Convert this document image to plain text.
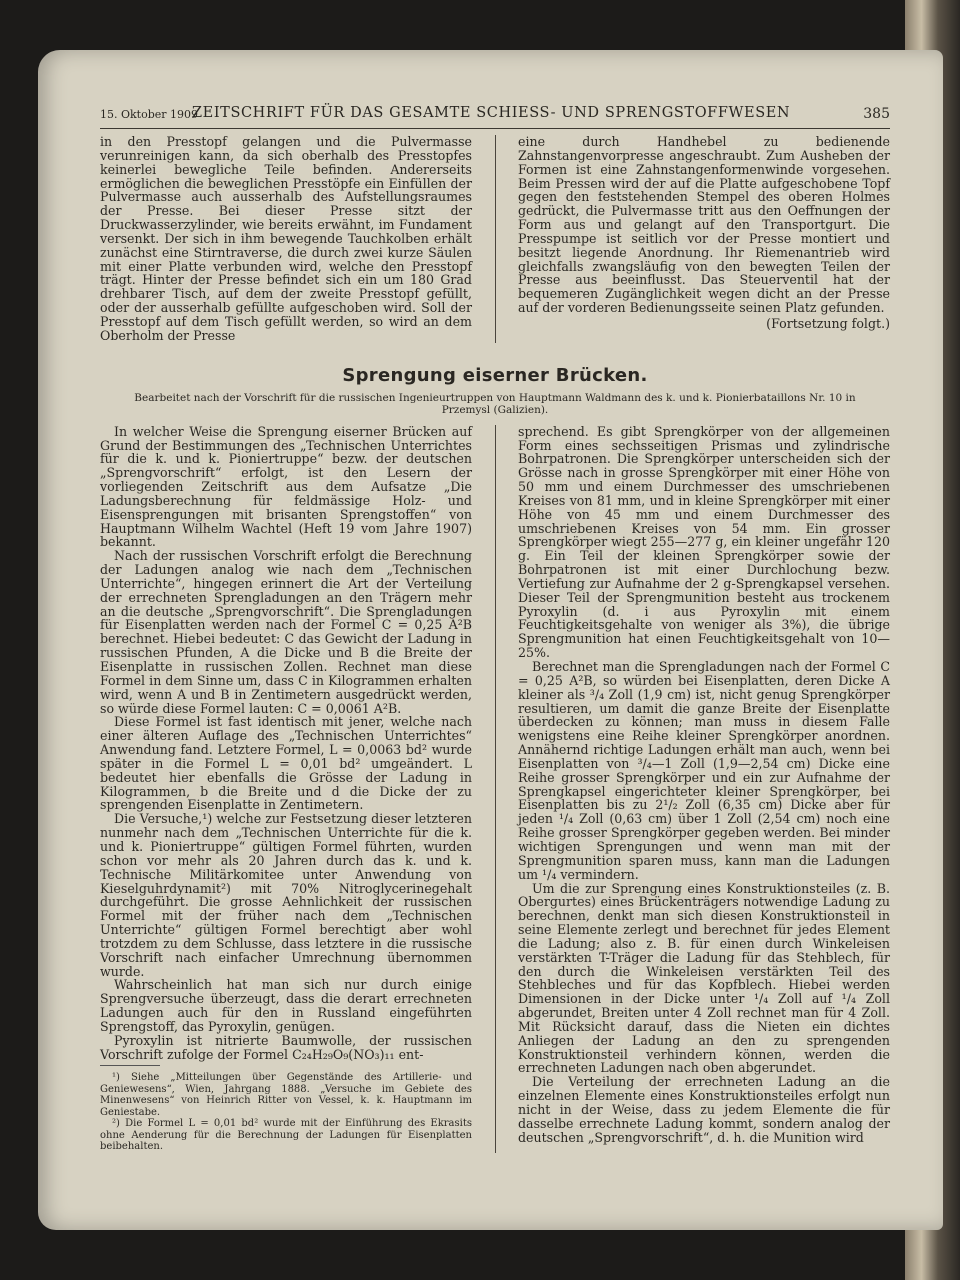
15. Oktober 1909
ZEITSCHRIFT FÜR DAS GESAMTE SCHIESS- UND SPRENGSTOFFWESEN	385

in den Presstopf gelangen und die Pulvermasse verunreinigen kann, da sich oberhalb des Presstopfes keinerlei bewegliche Teile befinden. Andererseits ermöglichen die beweglichen Presstöpfe ein Einfüllen der Pulvermasse auch ausserhalb des Aufstellungsraumes der Presse. Bei dieser Presse sitzt der Druckwasserzylinder, wie bereits erwähnt, im Fundament versenkt. Der sich in ihm bewegende Tauchkolben erhält zunächst eine Stirntraverse, die durch zwei kurze Säulen mit einer Platte verbunden wird, welche den Presstopf trägt. Hinter der Presse befindet sich ein um 180 Grad drehbarer Tisch, auf dem der zweite Presstopf gefüllt, oder der ausserhalb gefüllte aufgeschoben wird. Soll der Presstopf auf dem Tisch gefüllt werden, so wird an dem Oberholm der Presse

eine durch Handhebel zu bedienende Zahnstangenvorpresse angeschraubt. Zum Ausheben der Formen ist eine Zahnstangenformenwinde vorgesehen. Beim Pressen wird der auf die Platte aufgeschobene Topf gegen den feststehenden Stempel des oberen Holmes gedrückt, die Pulvermasse tritt aus den Oeffnungen der Form aus und gelangt auf den Transportgurt. Die Presspumpe ist seitlich vor der Presse montiert und besitzt liegende Anordnung. Ihr Riemenantrieb wird gleichfalls zwangsläufig von den bewegten Teilen der Presse aus beeinflusst. Das Steuerventil hat der bequemeren Zugänglichkeit wegen dicht an der Presse auf der vorderen Bedienungsseite seinen Platz gefunden.

(Fortsetzung folgt.)
Sprengung eiserner Brücken.
Bearbeitet nach der Vorschrift für die russischen Ingenieurtruppen von Hauptmann Waldmann des k. und k. Pionierbataillons Nr. 10 in Przemysl (Galizien).

In welcher Weise die Sprengung eiserner Brücken auf Grund der Bestimmungen des „Technischen Unterrichtes für die k. und k. Pioniertruppe“ bezw. der deutschen „Sprengvorschrift“ erfolgt, ist den Lesern der vorliegenden Zeitschrift aus dem Aufsatze „Die Ladungsberechnung für feldmässige Holz- und Eisensprengungen mit brisanten Sprengstoffen“ von Hauptmann Wilhelm Wachtel (Heft 19 vom Jahre 1907) bekannt.

Nach der russischen Vorschrift erfolgt die Berechnung der Ladungen analog wie nach dem „Technischen Unterrichte“, hingegen erinnert die Art der Verteilung der errechneten Sprengladungen an den Trägern mehr an die deutsche „Sprengvorschrift“. Die Sprengladungen für Eisenplatten werden nach der Formel C = 0,25 A²B berechnet. Hiebei bedeutet: C das Gewicht der Ladung in russischen Pfunden, A die Dicke und B die Breite der Eisenplatte in russischen Zollen. Rechnet man diese Formel in dem Sinne um, dass C in Kilogrammen erhalten wird, wenn A und B in Zentimetern ausgedrückt werden, so würde diese Formel lauten: C = 0,0061 A²B.

Diese Formel ist fast identisch mit jener, welche nach einer älteren Auflage des „Technischen Unterrichtes“ Anwendung fand. Letztere Formel, L = 0,0063 bd² wurde später in die Formel L = 0,01 bd² umgeändert. L bedeutet hier ebenfalls die Grösse der Ladung in Kilogrammen, b die Breite und d die Dicke der zu sprengenden Eisenplatte in Zentimetern.

Die Versuche,¹) welche zur Festsetzung dieser letzteren nunmehr nach dem „Technischen Unterrichte für die k. und k. Pioniertruppe“ gültigen Formel führten, wurden schon vor mehr als 20 Jahren durch das k. und k. Technische Militärkomitee unter Anwendung von Kieselguhrdynamit²) mit 70% Nitroglycerinegehalt durchgeführt. Die grosse Aehnlichkeit der russischen Formel mit der früher nach dem „Technischen Unterrichte“ gültigen Formel berechtigt aber wohl trotzdem zu dem Schlusse, dass letztere in die russische Vorschrift nach einfacher Umrechnung übernommen wurde.

Wahrscheinlich hat man sich nur durch einige Sprengversuche überzeugt, dass die derart errechneten Ladungen auch für den in Russland eingeführten Sprengstoff, das Pyroxylin, genügen.

Pyroxylin ist nitrierte Baumwolle, der russischen Vorschrift zufolge der Formel C₂₄H₂₉O₉(NO₃)₁₁ ent-

¹) Siehe „Mitteilungen über Gegenstände des Artillerie- und Geniewesens“, Wien, Jahrgang 1888. „Versuche im Gebiete des Minenwesens“ von Heinrich Ritter von Vessel, k. k. Hauptmann im Geniestabe.

²) Die Formel L = 0,01 bd² wurde mit der Einführung des Ekrasits ohne Aenderung für die Berechnung der Ladungen für Eisenplatten beibehalten.

sprechend. Es gibt Sprengkörper von der allgemeinen Form eines sechsseitigen Prismas und zylindrische Bohrpatronen. Die Sprengkörper unterscheiden sich der Grösse nach in grosse Sprengkörper mit einer Höhe von 50 mm und einem Durchmesser des umschriebenen Kreises von 81 mm, und in kleine Sprengkörper mit einer Höhe von 45 mm und einem Durchmesser des umschriebenen Kreises von 54 mm. Ein grosser Sprengkörper wiegt 255—277 g, ein kleiner ungefähr 120 g. Ein Teil der kleinen Sprengkörper sowie der Bohrpatronen ist mit einer Durchlochung bezw. Vertiefung zur Aufnahme der 2 g-Sprengkapsel versehen. Dieser Teil der Sprengmunition besteht aus trockenem Pyroxylin (d. i aus Pyroxylin mit einem Feuchtigkeitsgehalte von weniger als 3%), die übrige Sprengmunition hat einen Feuchtigkeitsgehalt von 10—25%.

Berechnet man die Sprengladungen nach der Formel C = 0,25 A²B, so würden bei Eisenplatten, deren Dicke A kleiner als ³/₄ Zoll (1,9 cm) ist, nicht genug Sprengkörper resultieren, um damit die ganze Breite der Eisenplatte überdecken zu können; man muss in diesem Falle wenigstens eine Reihe kleiner Sprengkörper anordnen. Annähernd richtige Ladungen erhält man auch, wenn bei Eisenplatten von ³/₄—1 Zoll (1,9—2,54 cm) Dicke eine Reihe grosser Sprengkörper und ein zur Aufnahme der Sprengkapsel eingerichteter kleiner Sprengkörper, bei Eisenplatten bis zu 2¹/₂ Zoll (6,35 cm) Dicke aber für jeden ¹/₄ Zoll (0,63 cm) über 1 Zoll (2,54 cm) noch eine Reihe grosser Sprengkörper gegeben werden. Bei minder wichtigen Sprengungen und wenn man mit der Sprengmunition sparen muss, kann man die Ladungen um ¹/₄ vermindern.

Um die zur Sprengung eines Konstruktionsteiles (z. B. Obergurtes) eines Brückenträgers notwendige Ladung zu berechnen, denkt man sich diesen Konstruktionsteil in seine Elemente zerlegt und berechnet für jedes Element die Ladung; also z. B. für einen durch Winkeleisen verstärkten T-Träger die Ladung für das Stehblech, für den durch die Winkeleisen verstärkten Teil des Stehbleches und für das Kopfblech. Hiebei werden Dimensionen in der Dicke unter ¹/₄ Zoll auf ¹/₄ Zoll abgerundet, Breiten unter 4 Zoll rechnet man für 4 Zoll. Mit Rücksicht darauf, dass die Nieten ein dichtes Anliegen der Ladung an den zu sprengenden Konstruktionsteil verhindern können, werden die errechneten Ladungen nach oben abgerundet.

Die Verteilung der errechneten Ladung an die einzelnen Elemente eines Konstruktionsteiles erfolgt nun nicht in der Weise, dass zu jedem Elemente die für dasselbe errechnete Ladung kommt, sondern analog der deutschen „Sprengvorschrift“, d. h. die Munition wird
